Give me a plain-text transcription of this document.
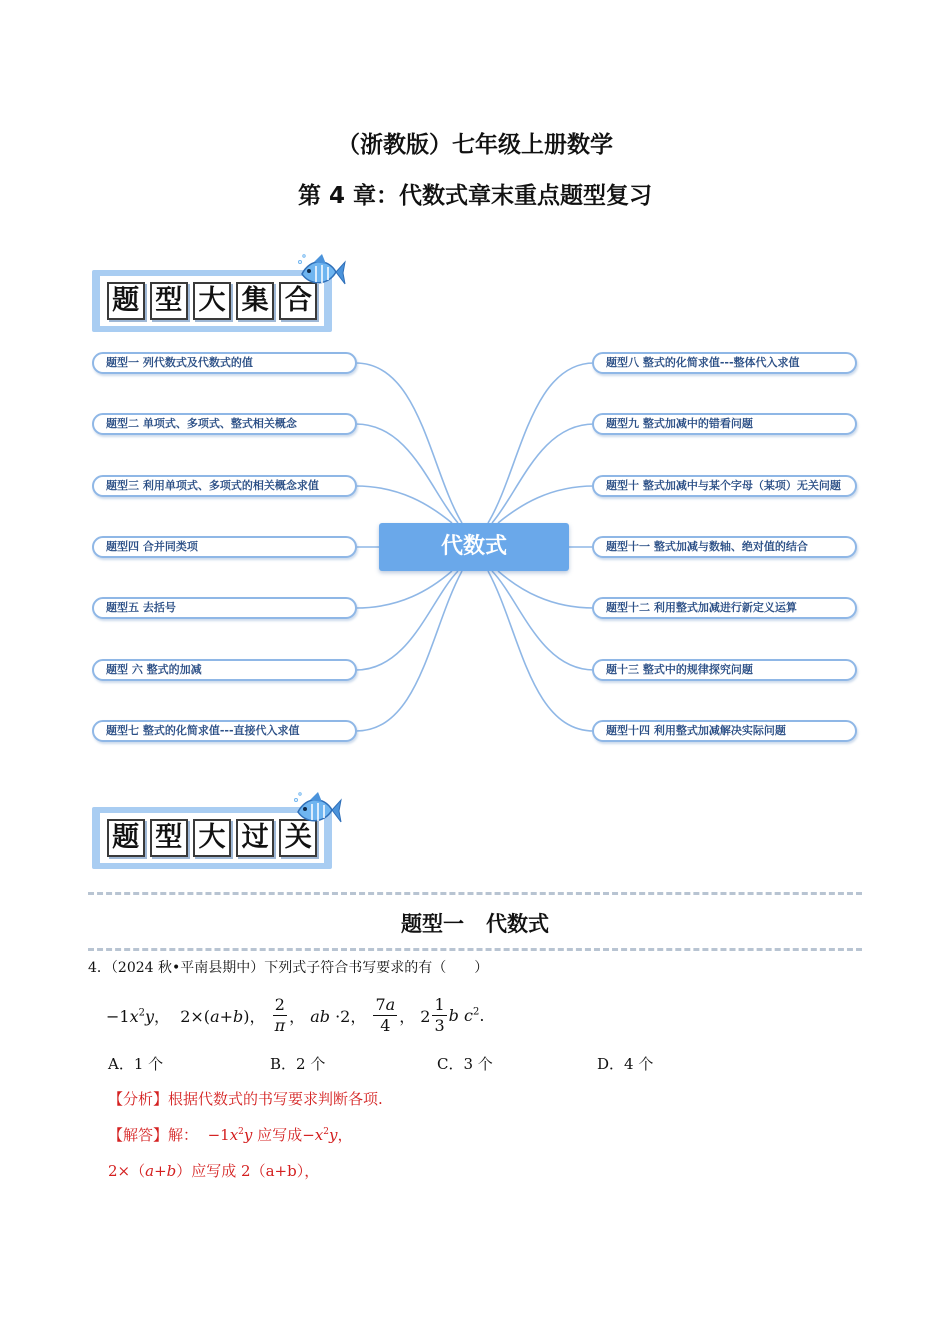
（浙教版）七年级上册数学
第 4 章：代数式章末重点题型复习
题 型 大 集 合
题型一 列代数式及代数式的值
题型二 单项式、多项式、整式相关概念
题型三 利用单项式、多项式的相关概念求值
题型四 合并同类项
题型五 去括号
题型 六 整式的加减
题型七 整式的化简求值---直接代入求值
代数式
题型八 整式的化简求值---整体代入求值
题型九 整式加减中的错看问题
题型十 整式加减中与某个字母（某项）无关问题
题型十一 整式加减与数轴、绝对值的结合
题型十二 利用整式加减进行新定义运算
题十三 整式中的规律探究问题
题型十四 利用整式加减解决实际问题
题 型 大 过 关
题型一 代数式
4．（2024 秋•平南县期中）下列式子符合书写要求的有（　　）
$-1x^2y$，  2×(a+b)， $\frac{2}{\pi}$ ， ab ·2， $\frac{7a}{4}$ ， $2 \frac{1}{3}$ b $c^2$.
A．1 个	B．2 个	C．3 个	D．4 个
【分析】根据代数式的书写要求判断各项.
【解答】解：  $-1x^2y$ 应写成$-x^2y$，
2×（a+b）应写成 2（a+b），
